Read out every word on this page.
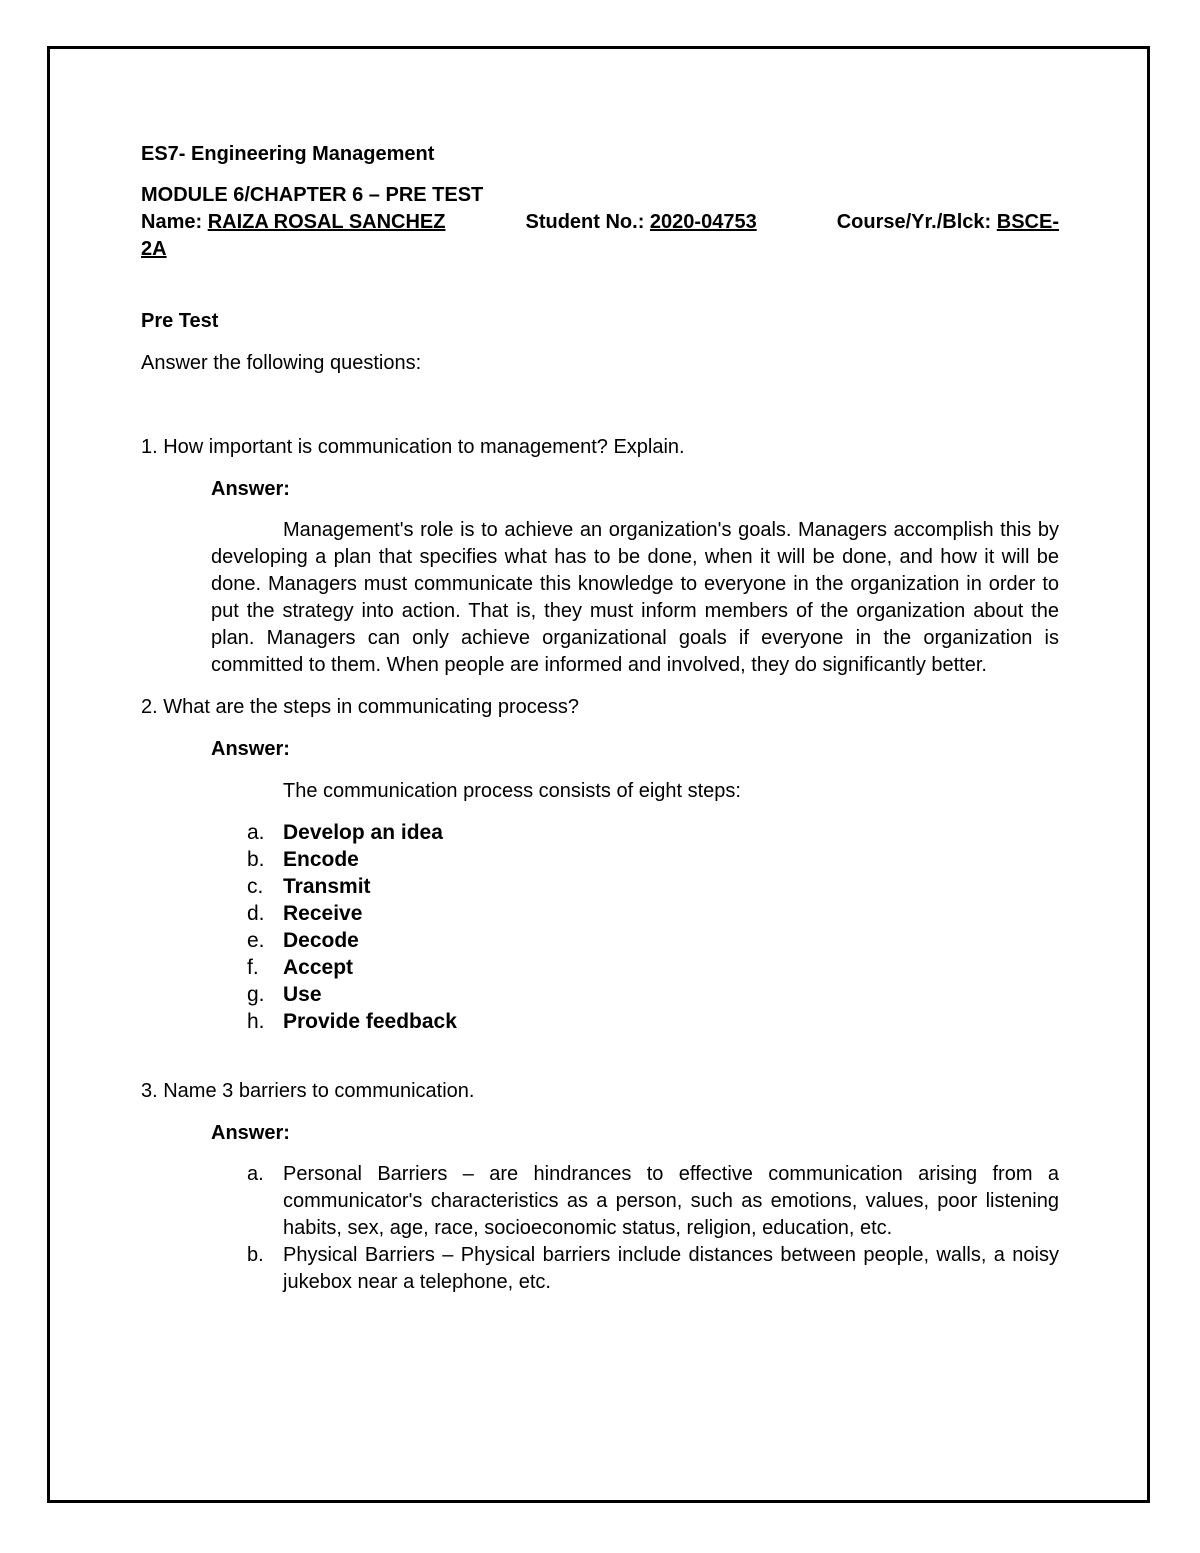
ES7- Engineering Management

MODULE 6/CHAPTER 6 – PRE TEST

Name: RAIZA ROSAL SANCHEZ	Student No.: 2020-04753	Course/Yr./Blck: BSCE-
2A

Pre Test

Answer the following questions:

1. How important is communication to management? Explain.

Answer:

Management's role is to achieve an organization's goals. Managers accomplish this by developing a plan that specifies what has to be done, when it will be done, and how it will be done. Managers must communicate this knowledge to everyone in the organization in order to put the strategy into action. That is, they must inform members of the organization about the plan. Managers can only achieve organizational goals if everyone in the organization is committed to them. When people are informed and involved, they do significantly better.

2. What are the steps in communicating process?

Answer:

The communication process consists of eight steps:

a. Develop an idea
b. Encode
c. Transmit
d. Receive
e. Decode
f.	Accept
g. Use
h. Provide feedback

3. Name 3 barriers to communication.

Answer:

a. Personal Barriers – are hindrances to effective communication arising from a communicator's characteristics as a person, such as emotions, values, poor listening habits, sex, age, race, socioeconomic status, religion, education, etc.
b. Physical Barriers – Physical barriers include distances between people, walls, a noisy jukebox near a telephone, etc.
